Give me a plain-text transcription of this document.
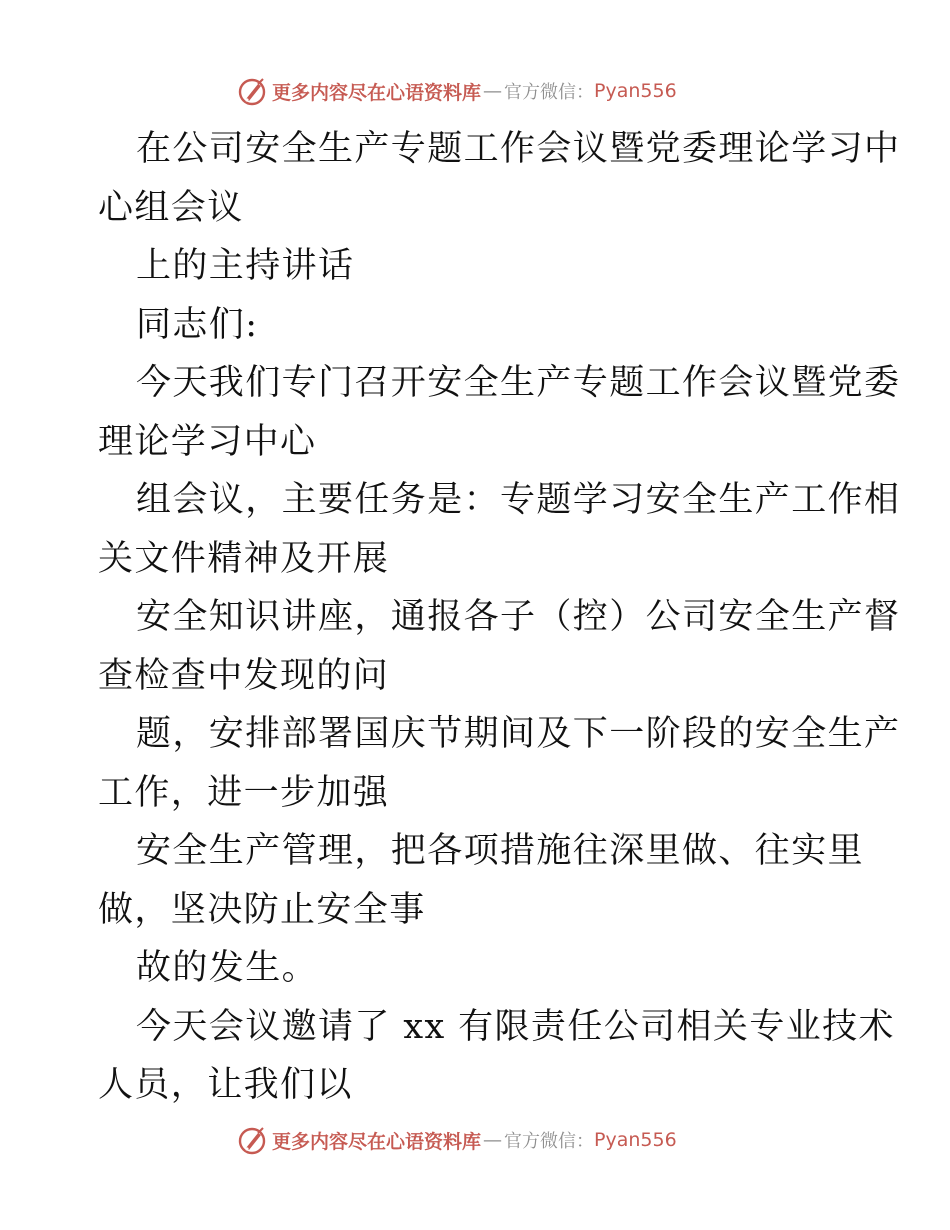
更多内容尽在心语资料库 — 官方微信： Pyan556
在公司安全生产专题工作会议暨党委理论学习中
心组会议
上的主持讲话
同志们:
今天我们专门召开安全生产专题工作会议暨党委
理论学习中心
组会议，主要任务是：专题学习安全生产工作相
关文件精神及开展
安全知识讲座，通报各子（控）公司安全生产督
查检查中发现的问
题，安排部署国庆节期间及下一阶段的安全生产
工作，进一步加强
安全生产管理，把各项措施往深里做、往实里
做，坚决防止安全事
故的发生。
今天会议邀请了 xx 有限责任公司相关专业技术
人员，让我们以
更多内容尽在心语资料库 — 官方微信： Pyan556
